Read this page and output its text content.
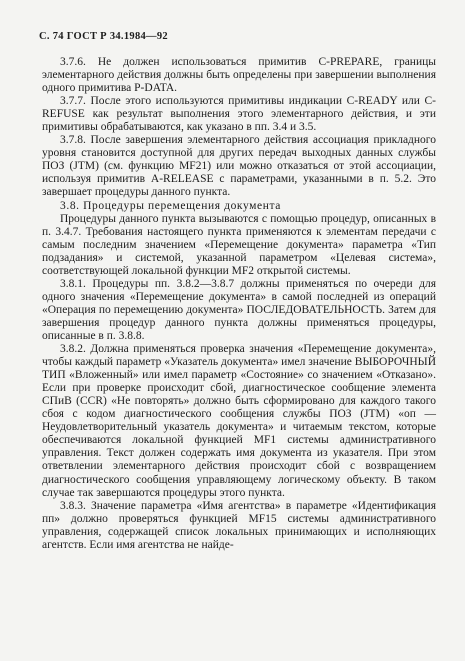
С. 74 ГОСТ Р 34.1984—92

3.7.6. Не должен использоваться примитив C-PREPARE, границы элементарного действия должны быть определены при завершении выполнения одного примитива P-DATA.

3.7.7. После этого используются примитивы индикации C-READY или C-REFUSE как результат выполнения этого элементарного действия, и эти примитивы обрабатываются, как указано в пп. 3.4 и 3.5.

3.7.8. После завершения элементарного действия ассоциация прикладного уровня становится доступной для других передач выходных данных службы ПОЗ (JTM) (см. функцию MF21) или можно отказаться от этой ассоциации, используя примитив A-RELEASE с параметрами, указанными в п. 5.2. Это завершает процедуры данного пункта.

3.8. Процедуры перемещения документа

Процедуры данного пункта вызываются с помощью процедур, описанных в п. 3.4.7. Требования настоящего пункта применяются к элементам передачи с самым последним значением «Перемещение документа» параметра «Тип подзадания» и системой, указанной параметром «Целевая система», соответствующей локальной функции MF2 открытой системы.

3.8.1. Процедуры пп. 3.8.2—3.8.7 должны применяться по очереди для одного значения «Перемещение документа» в самой последней из операций «Операция по перемещению документа» ПОСЛЕДОВАТЕЛЬНОСТЬ. Затем для завершения процедур данного пункта должны применяться процедуры, описанные в п. 3.8.8.

3.8.2. Должна применяться проверка значения «Перемещение документа», чтобы каждый параметр «Указатель документа» имел значение ВЫБОРОЧНЫЙ ТИП «Вложенный» или имел параметр «Состояние» со значением «Отказано». Если при проверке происходит сбой, диагностическое сообщение элемента СПиВ (CCR) «Не повторять» должно быть сформировано для каждого такого сбоя с кодом диагностического сообщения службы ПОЗ (JTM) «оп — Неудовлетворительный указатель документа» и читаемым текстом, которые обеспечиваются локальной функцией MF1 системы административного управления. Текст должен содержать имя документа из указателя. При этом ответвлении элементарного действия происходит сбой с возвращением диагностического сообщения управляющему логическому объекту. В таком случае так завершаются процедуры этого пункта.

3.8.3. Значение параметра «Имя агентства» в параметре «Идентификация пп» должно проверяться функцией MF15 системы административного управления, содержащей список локальных принимающих и исполняющих агентств. Если имя агентства не найде-
